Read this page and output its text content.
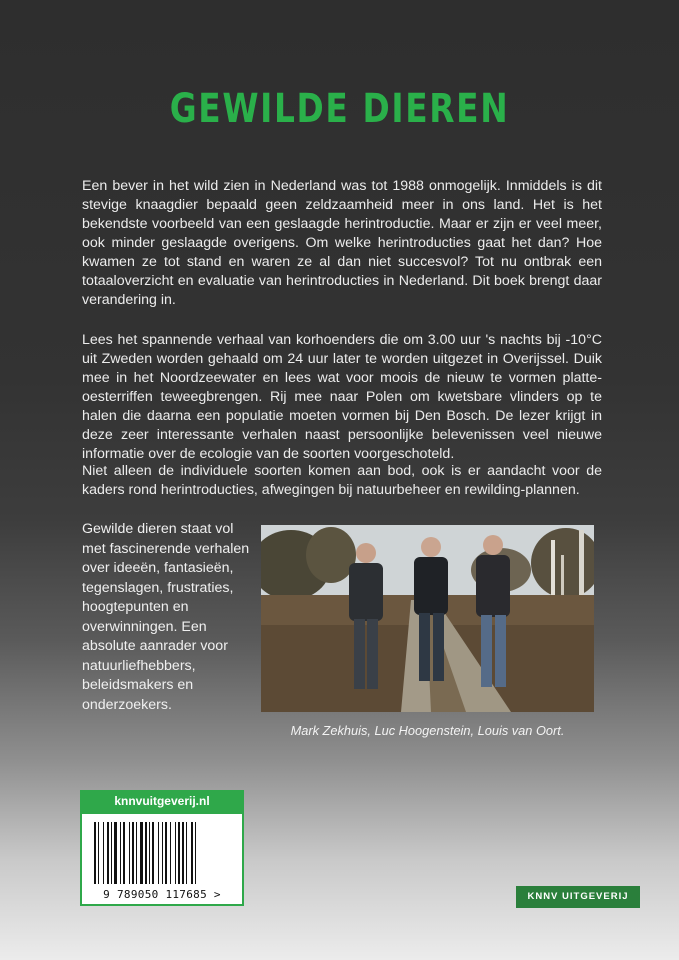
GEWILDE DIEREN

Een bever in het wild zien in Nederland was tot 1988 onmogelijk. Inmiddels is dit stevige knaagdier bepaald geen zeldzaamheid meer in ons land. Het is het bekendste voorbeeld van een geslaagde herintroductie. Maar er zijn er veel meer, ook minder geslaagde overigens. Om welke herintroducties gaat het dan? Hoe kwamen ze tot stand en waren ze al dan niet succesvol? Tot nu ontbrak een totaaloverzicht en evaluatie van herintroducties in Nederland. Dit boek brengt daar verandering in.

Lees het spannende verhaal van korhoenders die om 3.00 uur 's nachts bij -10°C uit Zweden worden gehaald om 24 uur later te worden uitgezet in Overijssel. Duik mee in het Noordzeewater en lees wat voor moois de nieuw te vormen platte-oesterriffen teweegbrengen. Rij mee naar Polen om kwetsbare vlinders op te halen die daarna een populatie moeten vormen bij Den Bosch. De lezer krijgt in deze zeer interessante verhalen naast persoonlijke belevenissen veel nieuwe informatie over de ecologie van de soorten voorgeschoteld.

Niet alleen de individuele soorten komen aan bod, ook is er aandacht voor de kaders rond herintroducties, afwegingen bij natuurbeheer en rewilding-plannen.

Gewilde dieren staat vol met fascinerende verhalen over ideeën, fantasieën, tegenslagen, frustraties, hoogtepunten en overwinningen. Een absolute aanrader voor natuurliefhebbers, beleidsmakers en onderzoekers.

Mark Zekhuis, Luc Hoogenstein, Louis van Oort.
knnvuitgeverij.nl
9 789050 117685 >	KNNV UITGEVERIJ
